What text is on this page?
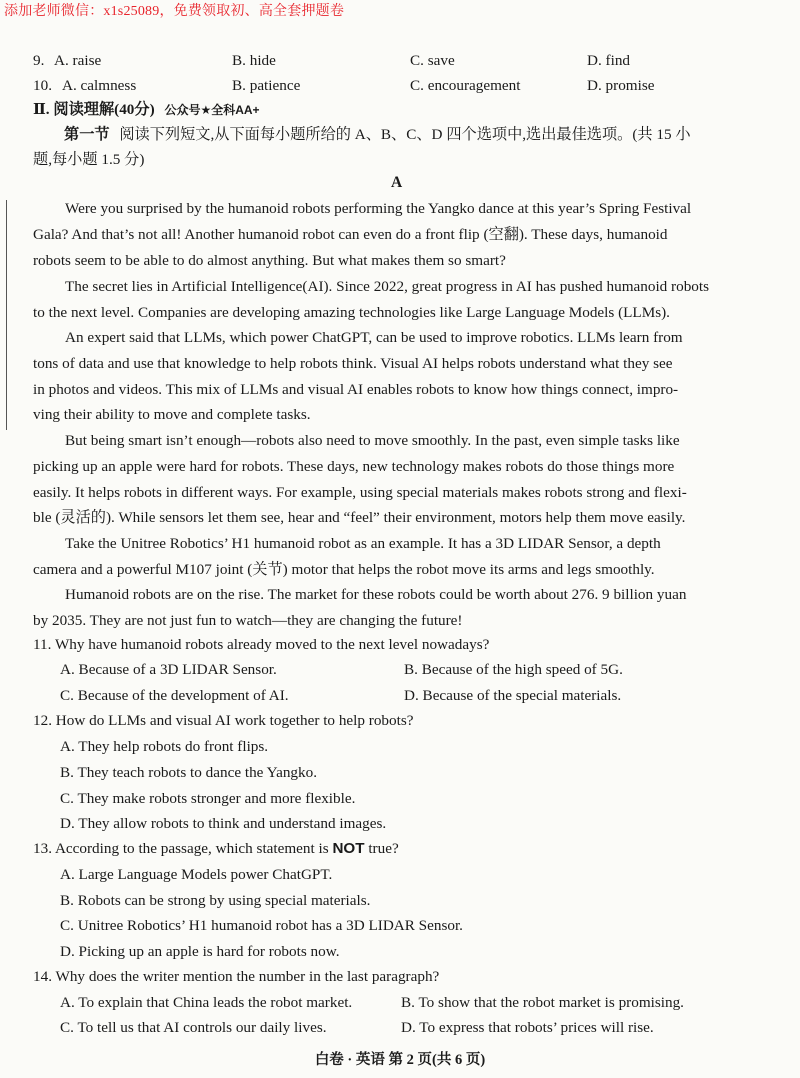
添加老师微信：x1s25089，免费领取初、高全套押题卷
9. A. raise	B. hide	C. save	D. find
10. A. calmness	B. patience	C. encouragement	D. promise
Ⅱ. 阅读理解(40分) 公众号★全科AA+
第一节 阅读下列短文,从下面每小题所给的 A、B、C、D 四个选项中,选出最佳选项。(共 15 小
题,每小题 1.5 分)
A
Were you surprised by the humanoid robots performing the Yangko dance at this year’s Spring Festival
Gala? And that’s not all! Another humanoid robot can even do a front flip (空翻). These days, humanoid
robots seem to be able to do almost anything. But what makes them so smart?
The secret lies in Artificial Intelligence(AI). Since 2022, great progress in AI has pushed humanoid robots
to the next level. Companies are developing amazing technologies like Large Language Models (LLMs).
An expert said that LLMs, which power ChatGPT, can be used to improve robotics. LLMs learn from
tons of data and use that knowledge to help robots think. Visual AI helps robots understand what they see
in photos and videos. This mix of LLMs and visual AI enables robots to know how things connect, impro-
ving their ability to move and complete tasks.
But being smart isn’t enough—robots also need to move smoothly. In the past, even simple tasks like
picking up an apple were hard for robots. These days, new technology makes robots do those things more
easily. It helps robots in different ways. For example, using special materials makes robots strong and flexi-
ble (灵活的). While sensors let them see, hear and “feel” their environment, motors help them move easily.
Take the Unitree Robotics’ H1 humanoid robot as an example. It has a 3D LIDAR Sensor, a depth
camera and a powerful M107 joint (关节) motor that helps the robot move its arms and legs smoothly.
Humanoid robots are on the rise. The market for these robots could be worth about 276. 9 billion yuan
by 2035. They are not just fun to watch—they are changing the future!
11. Why have humanoid robots already moved to the next level nowadays?
A. Because of a 3D LIDAR Sensor.	B. Because of the high speed of 5G.
C. Because of the development of AI.	D. Because of the special materials.
12. How do LLMs and visual AI work together to help robots?
A. They help robots do front flips.
B. They teach robots to dance the Yangko.
C. They make robots stronger and more flexible.
D. They allow robots to think and understand images.
13. According to the passage, which statement is NOT true?
A. Large Language Models power ChatGPT.
B. Robots can be strong by using special materials.
C. Unitree Robotics’ H1 humanoid robot has a 3D LIDAR Sensor.
D. Picking up an apple is hard for robots now.
14. Why does the writer mention the number in the last paragraph?
A. To explain that China leads the robot market.	B. To show that the robot market is promising.
C. To tell us that AI controls our daily lives.	D. To express that robots’ prices will rise.
白卷 · 英语 第 2 页(共 6 页)
